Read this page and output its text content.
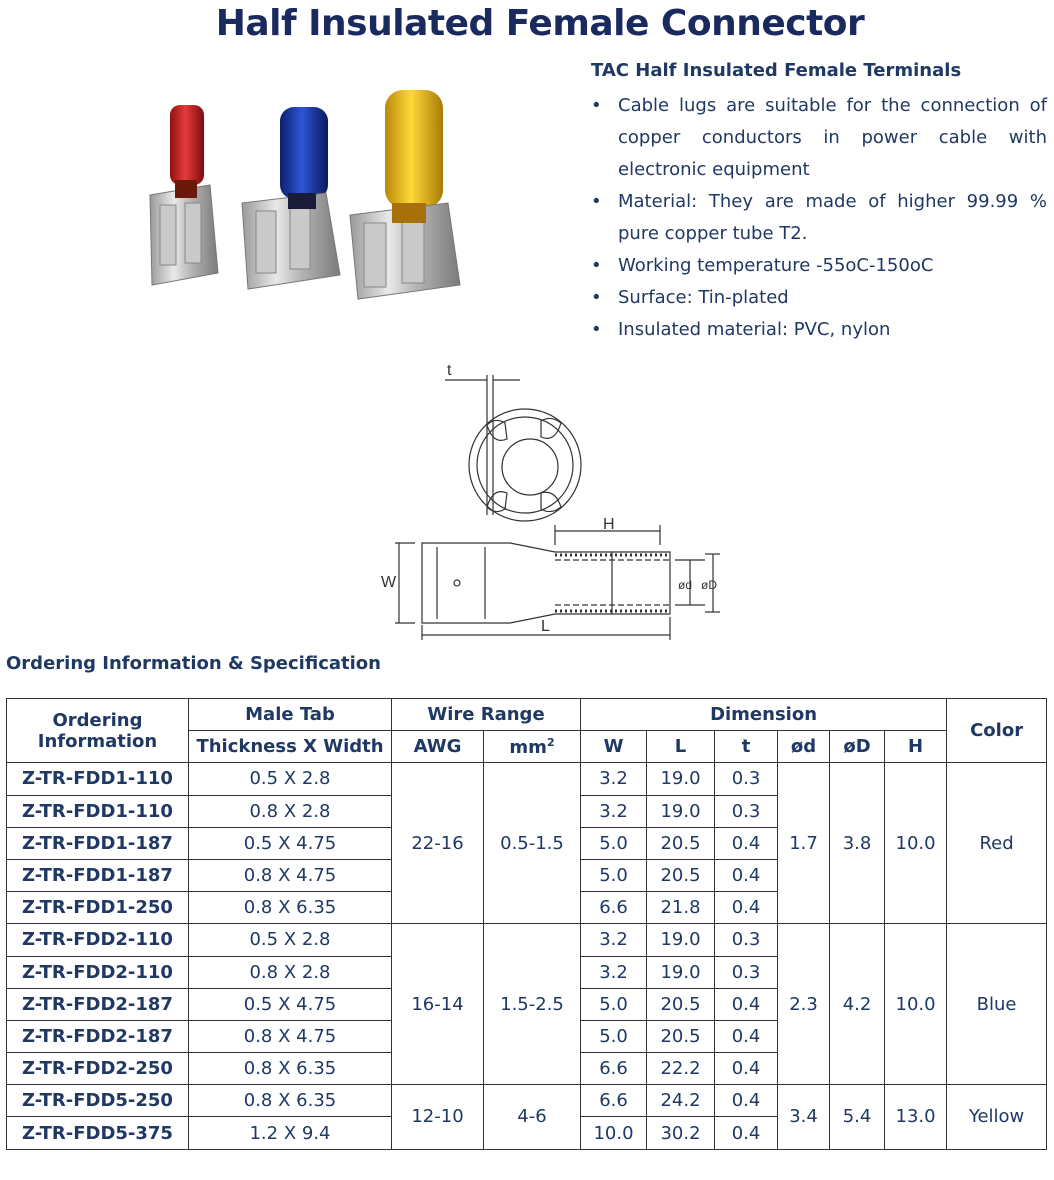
Half Insulated Female Connector
TAC Half Insulated Female Terminals
• Cable lugs are suitable for the connection of copper conductors in power cable with electronic equipment
• Material: They are made of higher 99.99 % pure copper tube T2.
• Working temperature -55oC-150oC
• Surface: Tin-plated
• Insulated material: PVC, nylon
t
H
W	ød øD
L
Ordering Information & Specification
Ordering Information	Male Tab	Wire Range		Dimension						Color
	Thickness X Width	AWG	$mm^2$	W	L	t	ød	øD	H	
Z-TR-FDD1-110	0.5 X 2.8	22-16	0.5-1.5	3.2	19.0	0.3	1.7	3.8	10.0	Red
Z-TR-FDD1-110	0.8 X 2.8			3.2	19.0	0.3				
Z-TR-FDD1-187	0.5 X 4.75			5.0	20.5	0.4				
Z-TR-FDD1-187	0.8 X 4.75			5.0	20.5	0.4				
Z-TR-FDD1-250	0.8 X 6.35			6.6	21.8	0.4				
Z-TR-FDD2-110	0.5 X 2.8	16-14	1.5-2.5	3.2	19.0	0.3	2.3	4.2	10.0	Blue
Z-TR-FDD2-110	0.8 X 2.8			3.2	19.0	0.3				
Z-TR-FDD2-187	0.5 X 4.75			5.0	20.5	0.4				
Z-TR-FDD2-187	0.8 X 4.75			5.0	20.5	0.4				
Z-TR-FDD2-250	0.8 X 6.35			6.6	22.2	0.4				
Z-TR-FDD5-250	0.8 X 6.35	12-10	4-6	6.6	24.2	0.4	3.4	5.4	13.0	Yellow
Z-TR-FDD5-375	1.2 X 9.4			10.0	30.2	0.4				
